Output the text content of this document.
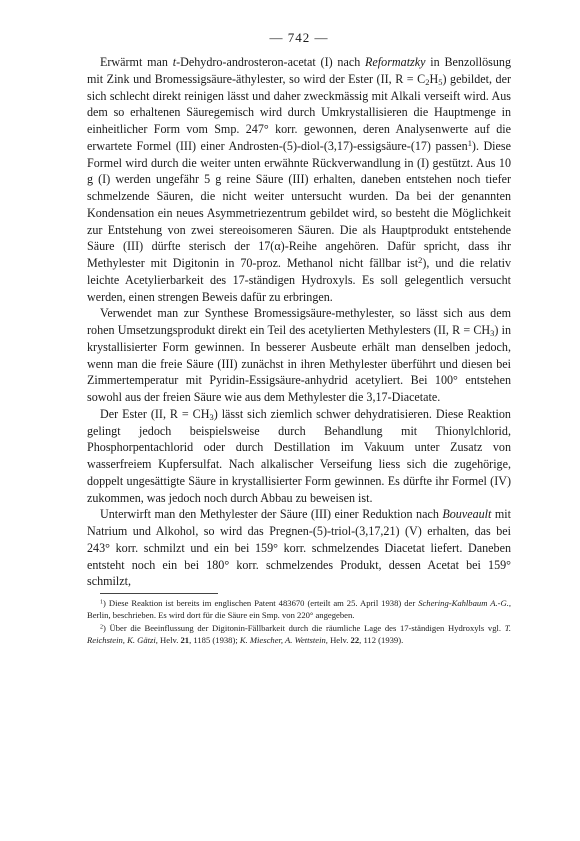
— 742 —

Erwärmt man t-Dehydro-androsteron-acetat (I) nach Reformatzky in Benzollösung mit Zink und Bromessigsäure-äthylester, so wird der Ester (II, $R = C_2H_5$) gebildet, der sich schlecht direkt reinigen lässt und daher zweckmässig mit Alkali verseift wird. Aus dem so erhaltenen Säuregemisch wird durch Umkrystallisieren die Hauptmenge in einheitlicher Form vom Smp. 247° korr. gewonnen, deren Analysenwerte auf die erwartete Formel (III) einer Androsten-(5)-diol-(3,17)-essigsäure-(17) passen$^1$). Diese Formel wird durch die weiter unten erwähnte Rückverwandlung in (I) gestützt. Aus 10 g (I) werden ungefähr 5 g reine Säure (III) erhalten, daneben entstehen noch tiefer schmelzende Säuren, die nicht weiter untersucht wurden. Da bei der genannten Kondensation ein neues Asymmetriezentrum gebildet wird, so besteht die Möglichkeit zur Entstehung von zwei stereoisomeren Säuren. Die als Hauptprodukt entstehende Säure (III) dürfte sterisch der 17(α)-Reihe angehören. Dafür spricht, dass ihr Methylester mit Digitonin in 70-proz. Methanol nicht fällbar ist$^2$), und die relativ leichte Acetylierbarkeit des 17-ständigen Hydroxyls. Es soll gelegentlich versucht werden, einen strengen Beweis dafür zu erbringen.

Verwendet man zur Synthese Bromessigsäure-methylester, so lässt sich aus dem rohen Umsetzungsprodukt direkt ein Teil des acetylierten Methylesters (II, $R = CH_3$) in krystallisierter Form gewinnen. In besserer Ausbeute erhält man denselben jedoch, wenn man die freie Säure (III) zunächst in ihren Methylester überführt und diesen bei Zimmertemperatur mit Pyridin-Essigsäure-anhydrid acetyliert. Bei 100° entstehen sowohl aus der freien Säure wie aus dem Methylester die 3,17-Diacetate.

Der Ester (II, $R = CH_3$) lässt sich ziemlich schwer dehydratisieren. Diese Reaktion gelingt jedoch beispielsweise durch Behandlung mit Thionylchlorid, Phosphorpentachlorid oder durch Destillation im Vakuum unter Zusatz von wasserfreiem Kupfersulfat. Nach alkalischer Verseifung liess sich die zugehörige, doppelt ungesättigte Säure in krystallisierter Form gewinnen. Es dürfte ihr Formel (IV) zukommen, was jedoch noch durch Abbau zu beweisen ist.

Unterwirft man den Methylester der Säure (III) einer Reduktion nach Bouveault mit Natrium und Alkohol, so wird das Pregnen-(5)-triol-(3,17,21) (V) erhalten, das bei 243° korr. schmilzt und ein bei 159° korr. schmelzendes Diacetat liefert. Daneben entsteht noch ein bei 180° korr. schmelzendes Produkt, dessen Acetat bei 159° schmilzt,

$^1$) Diese Reaktion ist bereits im englischen Patent 483670 (erteilt am 25. April 1938) der Schering-Kahlbaum A.-G., Berlin, beschrieben. Es wird dort für die Säure ein Smp. von 220° angegeben.

$^2$) Über die Beeinflussung der Digitonin-Fällbarkeit durch die räumliche Lage des 17-ständigen Hydroxyls vgl. T. Reichstein, K. Gätzi, Helv. 21, 1185 (1938); K. Miescher, A. Wettstein, Helv. 22, 112 (1939).
